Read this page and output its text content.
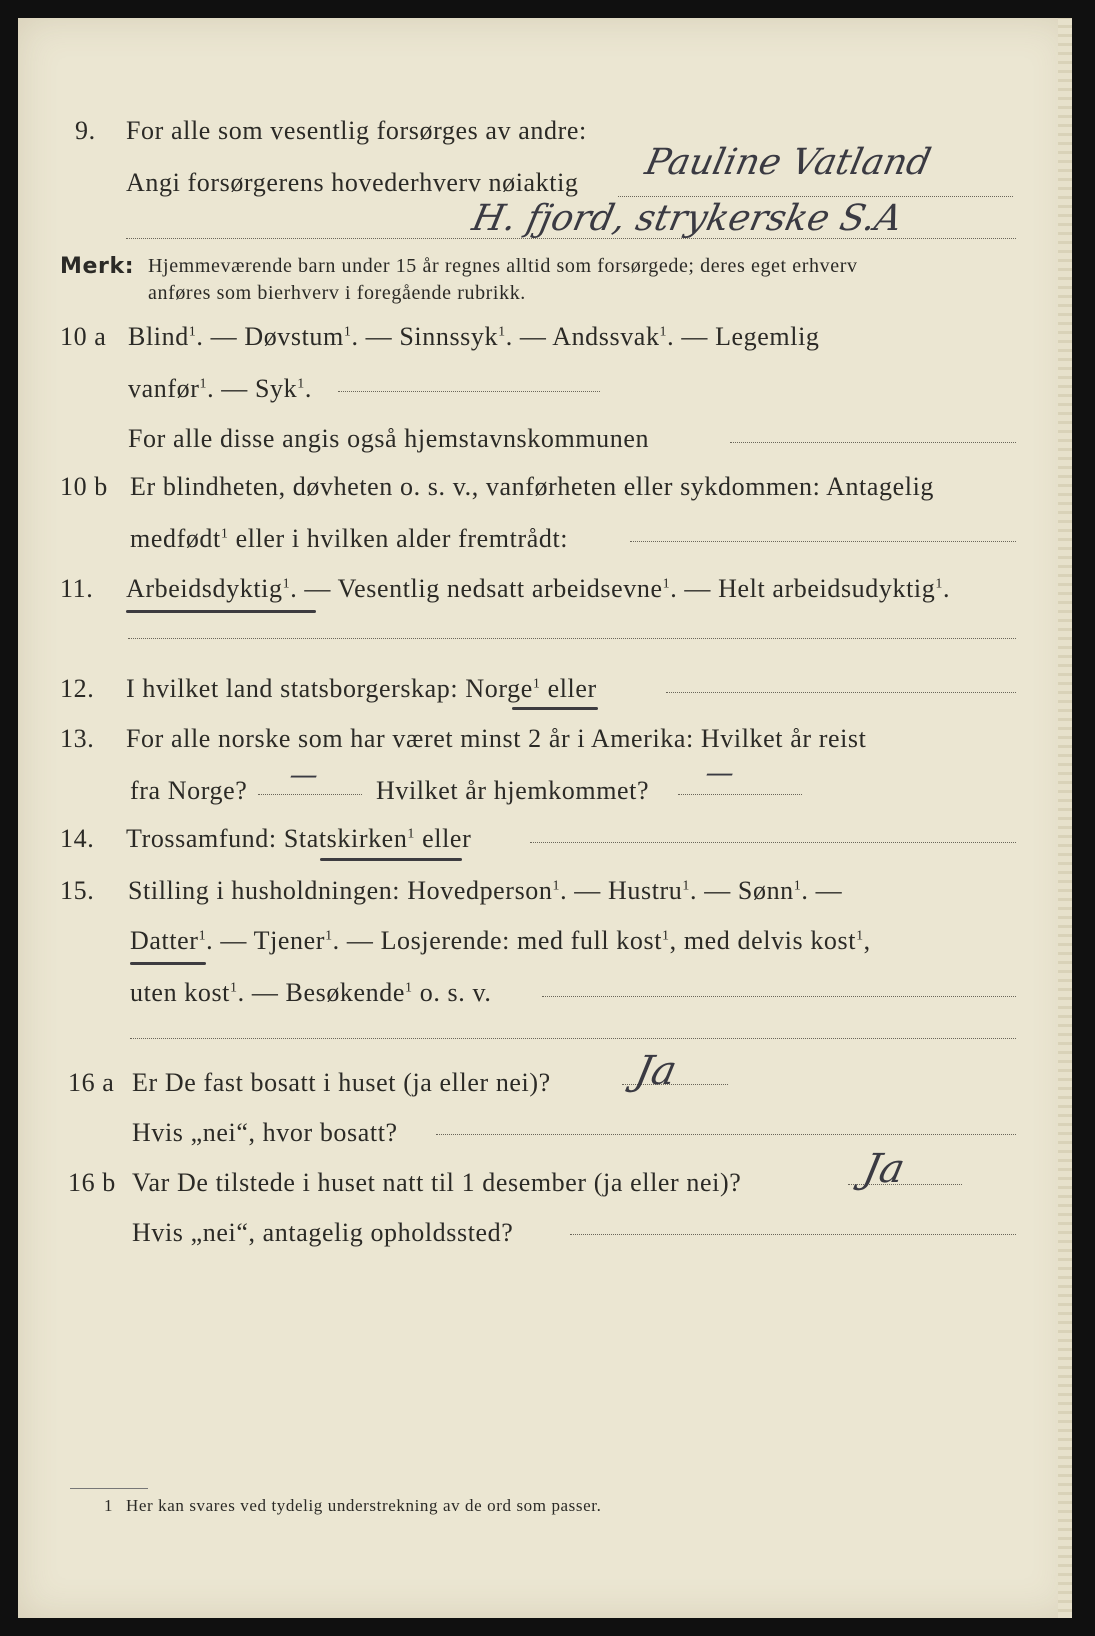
9. For alle som vesentlig forsørges av andre:
Angi forsørgerens hovederhverv nøiaktig Pauline Vatland
H. fjord, strykerske S.A
Merk: Hjemmeværende barn under 15 år regnes alltid som forsørgede; deres eget erhverv
anføres som bierhverv i foregående rubrikk.
10 a Blind$^1$. — Døvstum$^1$. — Sinnssyk$^1$. — Andssvak$^1$. — Legemlig
vanfør$^1$. — Syk$^1$.
For alle disse angis også hjemstavnskommunen
10 b Er blindheten, døvheten o. s. v., vanførheten eller sykdommen: Antagelig
medfødt$^1$ eller i hvilken alder fremtrådt:
11. Arbeidsdyktig$^1$. — Vesentlig nedsatt arbeidsevne$^1$. — Helt arbeidsudyktig$^1$.
12. I hvilket land statsborgerskap: Norge$^1$ eller
13. For alle norske som har været minst 2 år i Amerika: Hvilket år reist
fra Norge?	Hvilket år hjemkommet?
—	—
14. Trossamfund: Statskirken$^1$ eller
15. Stilling i husholdningen: Hovedperson$^1$. — Hustru$^1$. — Sønn$^1$. —
Datter$^1$. — Tjener$^1$. — Losjerende: med full kost$^1$, med delvis kost$^1$,
uten kost$^1$. — Besøkende$^1$ o. s. v.
16 a Er De fast bosatt i huset (ja eller nei)? Ja
Hvis „nei“, hvor bosatt?
16 b Var De tilstede i huset natt til 1 desember (ja eller nei)?	Ja
Hvis „nei“, antagelig opholdssted?
1 Her kan svares ved tydelig understrekning av de ord som passer.
